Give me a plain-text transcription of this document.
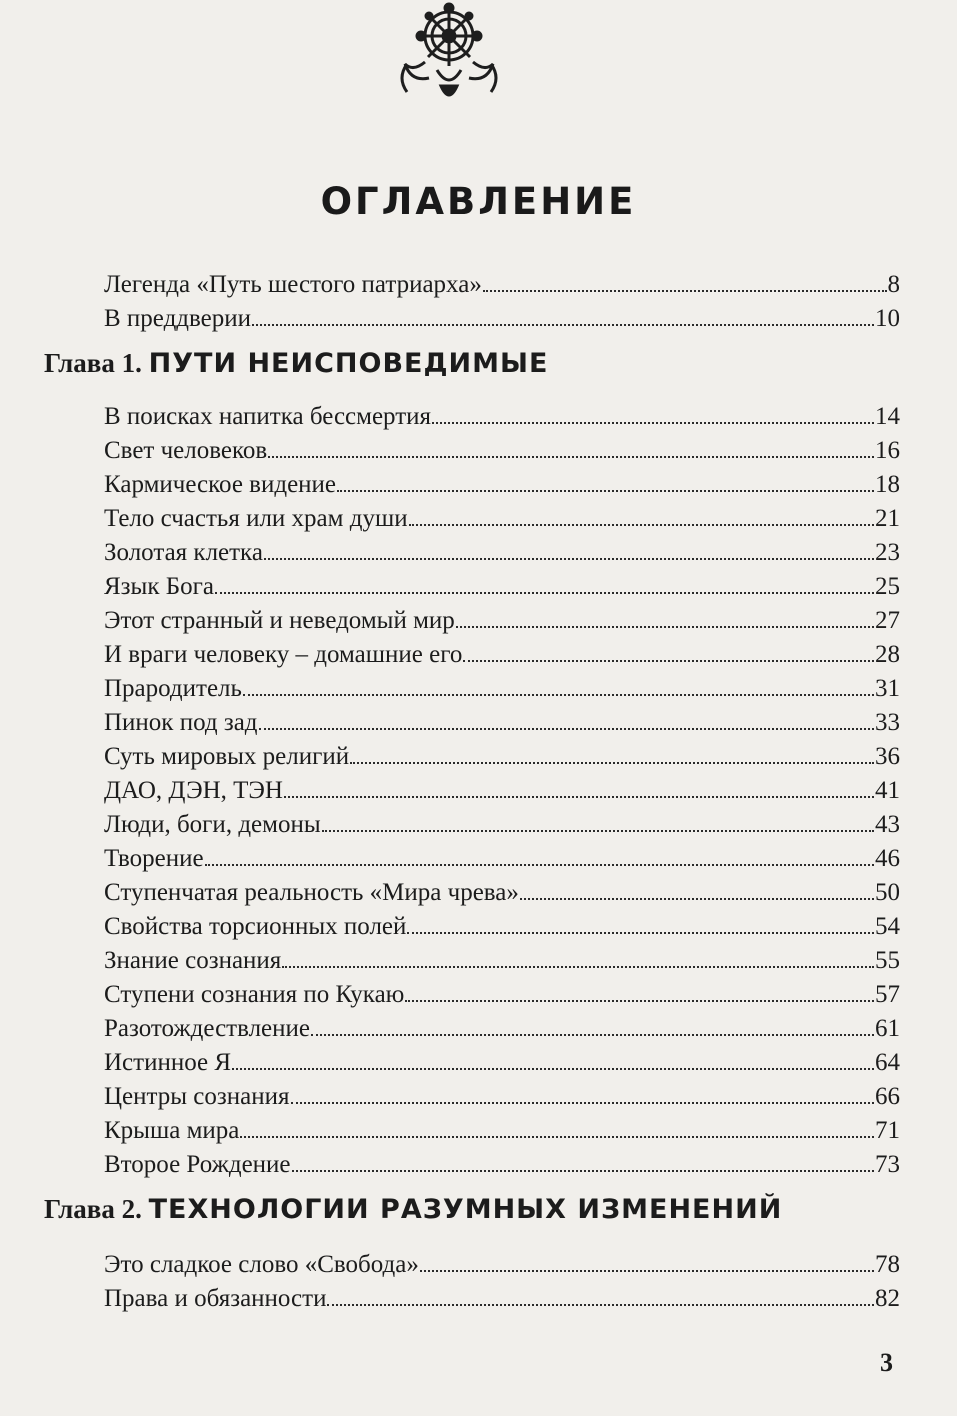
ОГЛАВЛЕНИЕ
Легенда «Путь шестого патриарха»	8
В преддверии	10
Глава 1. ПУТИ НЕИСПОВЕДИМЫЕ
В поисках напитка бессмертия	14
Свет человеков	16
Кармическое видение	18
Тело счастья или храм души	21
Золотая клетка	23
Язык Бога	25
Этот странный и неведомый мир	27
И враги человеку – домашние его	28
Прародитель	31
Пинок под зад	33
Суть мировых религий	36
ДАО, ДЭН, ТЭН	41
Люди, боги, демоны	43
Творение	46
Ступенчатая реальность «Мира чрева»	50
Свойства торсионных полей	54
Знание сознания	55
Ступени сознания по Кукаю	57
Разотождествление	61
Истинное Я	64
Центры сознания	66
Крыша мира	71
Второе Рождение	73
Глава 2. ТЕХНОЛОГИИ РАЗУМНЫХ ИЗМЕНЕНИЙ
Это сладкое слово «Свобода»	78
Права и обязанности	82
3
